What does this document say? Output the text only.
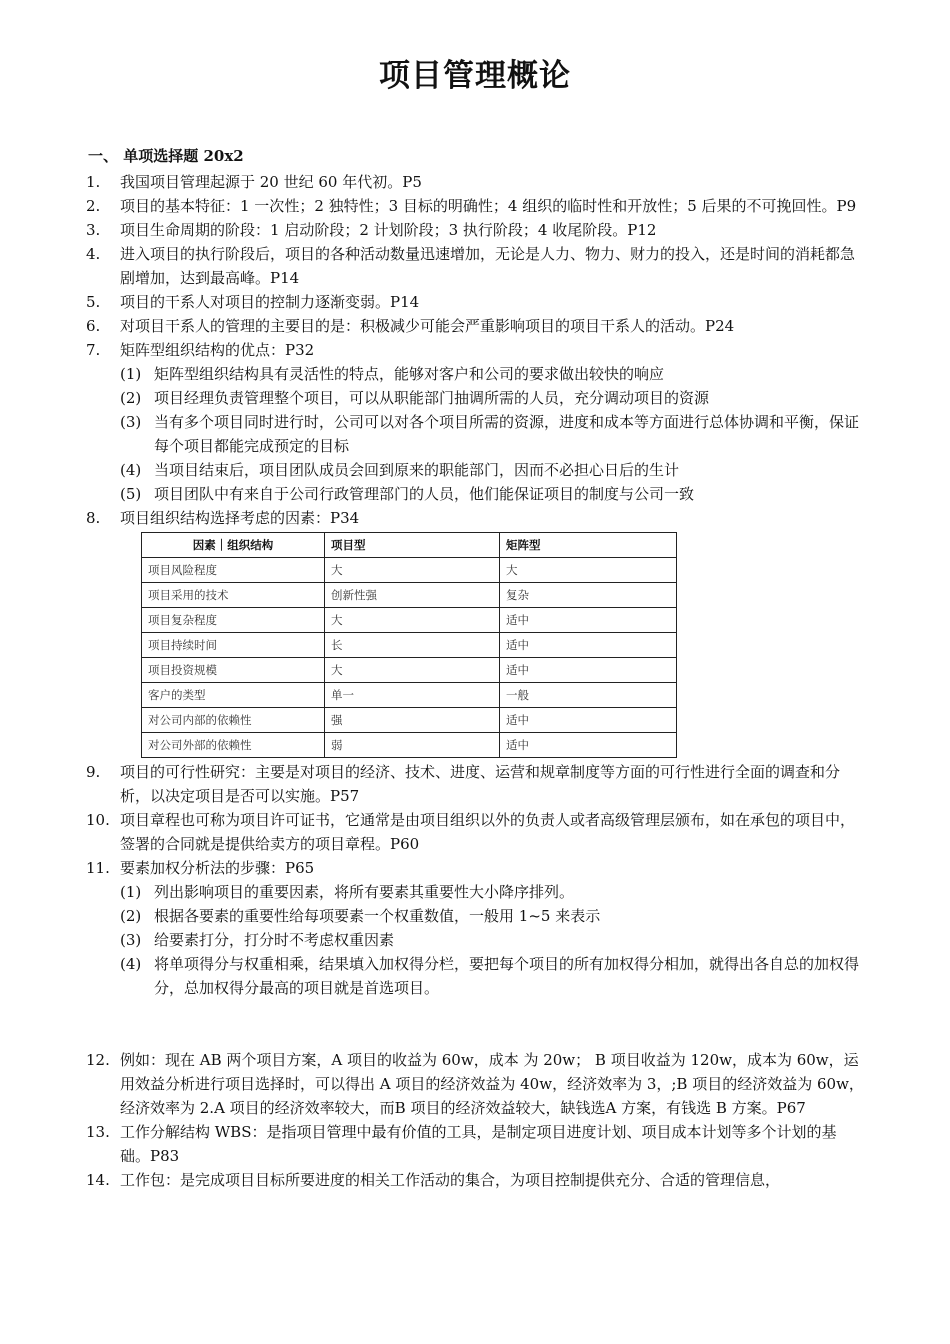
项目管理概论

一、 单项选择题 20x2

1. 我国项目管理起源于 20 世纪 60 年代初。P5
2. 项目的基本特征：1 一次性；2 独特性；3 目标的明确性；4 组织的临时性和开放性；5 后果的不可挽回性。P9
3. 项目生命周期的阶段：1 启动阶段；2 计划阶段；3 执行阶段；4 收尾阶段。P12
4. 进入项目的执行阶段后，项目的各种活动数量迅速增加，无论是人力、物力、财力的投入，还是时间的消耗都急剧增加，达到最高峰。P14
5. 项目的干系人对项目的控制力逐渐变弱。P14
6. 对项目干系人的管理的主要目的是：积极减少可能会严重影响项目的项目干系人的活动。P24
7. 矩阵型组织结构的优点：P32
(1) 矩阵型组织结构具有灵活性的特点，能够对客户和公司的要求做出较快的响应
(2) 项目经理负责管理整个项目，可以从职能部门抽调所需的人员，充分调动项目的资源
(3) 当有多个项目同时进行时，公司可以对各个项目所需的资源，进度和成本等方面进行总体协调和平衡，保证每个项目都能完成预定的目标
(4) 当项目结束后，项目团队成员会回到原来的职能部门，因而不必担心日后的生计
(5) 项目团队中有来自于公司行政管理部门的人员，他们能保证项目的制度与公司一致
8. 项目组织结构选择考虑的因素：P34
因素｜组织结构	项目型	矩阵型
项目风险程度	大	大
项目采用的技术	创新性强	复杂
项目复杂程度	大	适中
项目持续时间	长	适中
项目投资规模	大	适中
客户的类型	单一	一般
对公司内部的依赖性	强	适中
对公司外部的依赖性	弱	适中
9. 项目的可行性研究：主要是对项目的经济、技术、进度、运营和规章制度等方面的可行性进行全面的调查和分析，以决定项目是否可以实施。P57
10. 项目章程也可称为项目许可证书，它通常是由项目组织以外的负责人或者高级管理层颁布，如在承包的项目中，签署的合同就是提供给卖方的项目章程。P60
11. 要素加权分析法的步骤：P65
(1) 列出影响项目的重要因素，将所有要素其重要性大小降序排列。
(2) 根据各要素的重要性给每项要素一个权重数值，一般用 1~5 来表示
(3) 给要素打分，打分时不考虑权重因素
(4) 将单项得分与权重相乘，结果填入加权得分栏，要把每个项目的所有加权得分相加，就得出各自总的加权得分，总加权得分最高的项目就是首选项目。
12. 例如：现在 AB 两个项目方案，A 项目的收益为 60w，成本 为 20w； B 项目收益为 120w，成本为 60w，运用效益分析进行项目选择时，可以得出 A 项目的经济效益为 40w，经济效率为 3，;B 项目的经济效益为 60w， 经济效率为 2.A 项目的经济效率较大，而B 项目的经济效益较大，缺钱选A 方案，有钱选 B 方案。P67
13. 工作分解结构 WBS：是指项目管理中最有价值的工具，是制定项目进度计划、项目成本计划等多个计划的基础。P83
14. 工作包：是完成项目目标所要进度的相关工作活动的集合，为项目控制提供充分、合适的管理信息，
